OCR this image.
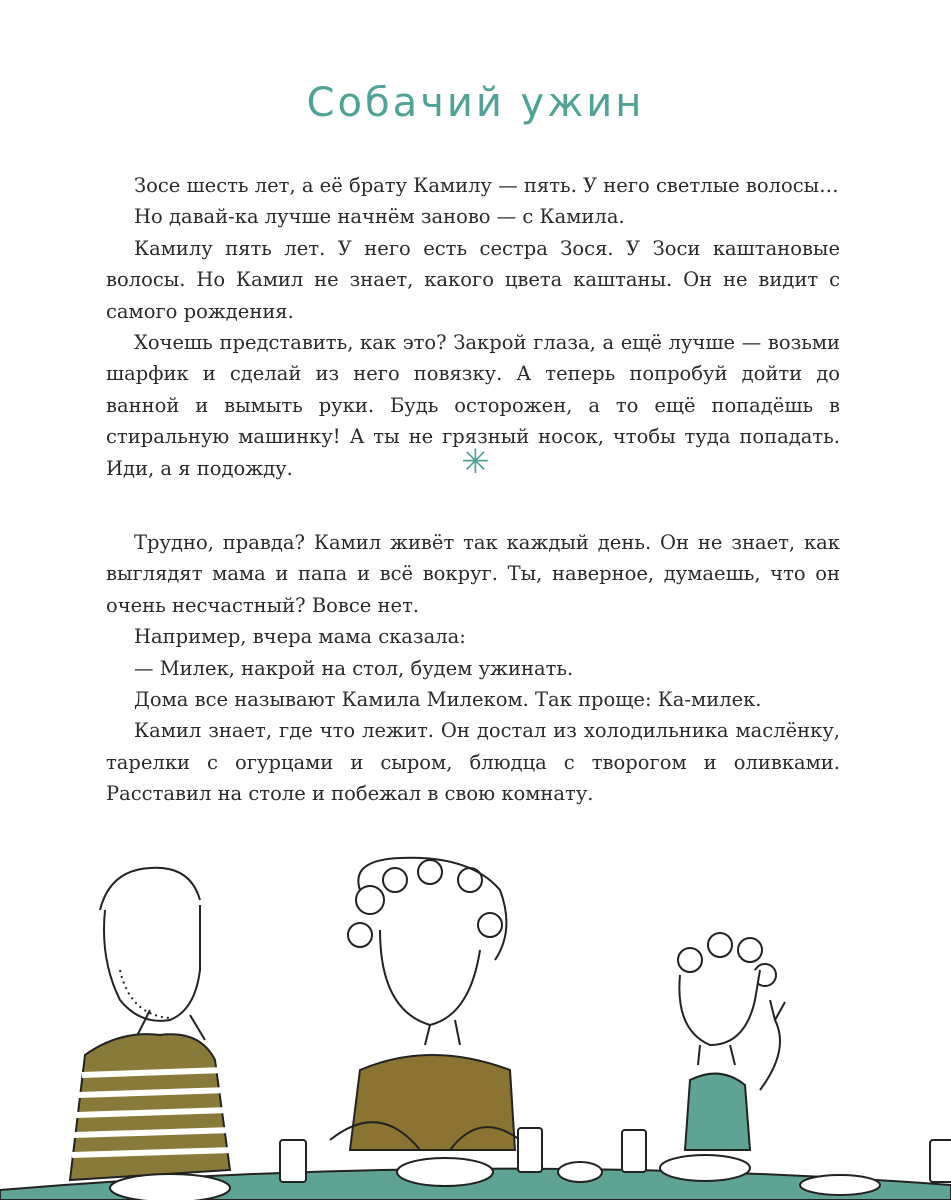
Собачий ужин

Зосе шесть лет, а её брату Камилу — пять. У него светлые волосы…

Но давай-ка лучше начнём заново — с Камила.

Камилу пять лет. У него есть сестра Зося. У Зоси каштановые волосы. Но Камил не знает, какого цвета каштаны. Он не видит с самого рождения.

Хочешь представить, как это? Закрой глаза, а ещё лучше — возьми шарфик и сделай из него повязку. А теперь попробуй дойти до ванной и вымыть руки. Будь осторожен, а то ещё попадёшь в стиральную машинку! А ты не грязный носок, чтобы туда попадать. Иди, а я подожду.	✳

Трудно, правда? Камил живёт так каждый день. Он не знает, как выглядят мама и папа и всё вокруг. Ты, наверное, думаешь, что он очень несчастный? Вовсе нет.

Например, вчера мама сказала:

— Милек, накрой на стол, будем ужинать.

Дома все называют Камила Милеком. Так проще: Ка-милек.

Камил знает, где что лежит. Он достал из холодильника маслёнку, тарелки с огурцами и сыром, блюдца с творогом и оливками. Расставил на столе и побежал в свою комнату.
